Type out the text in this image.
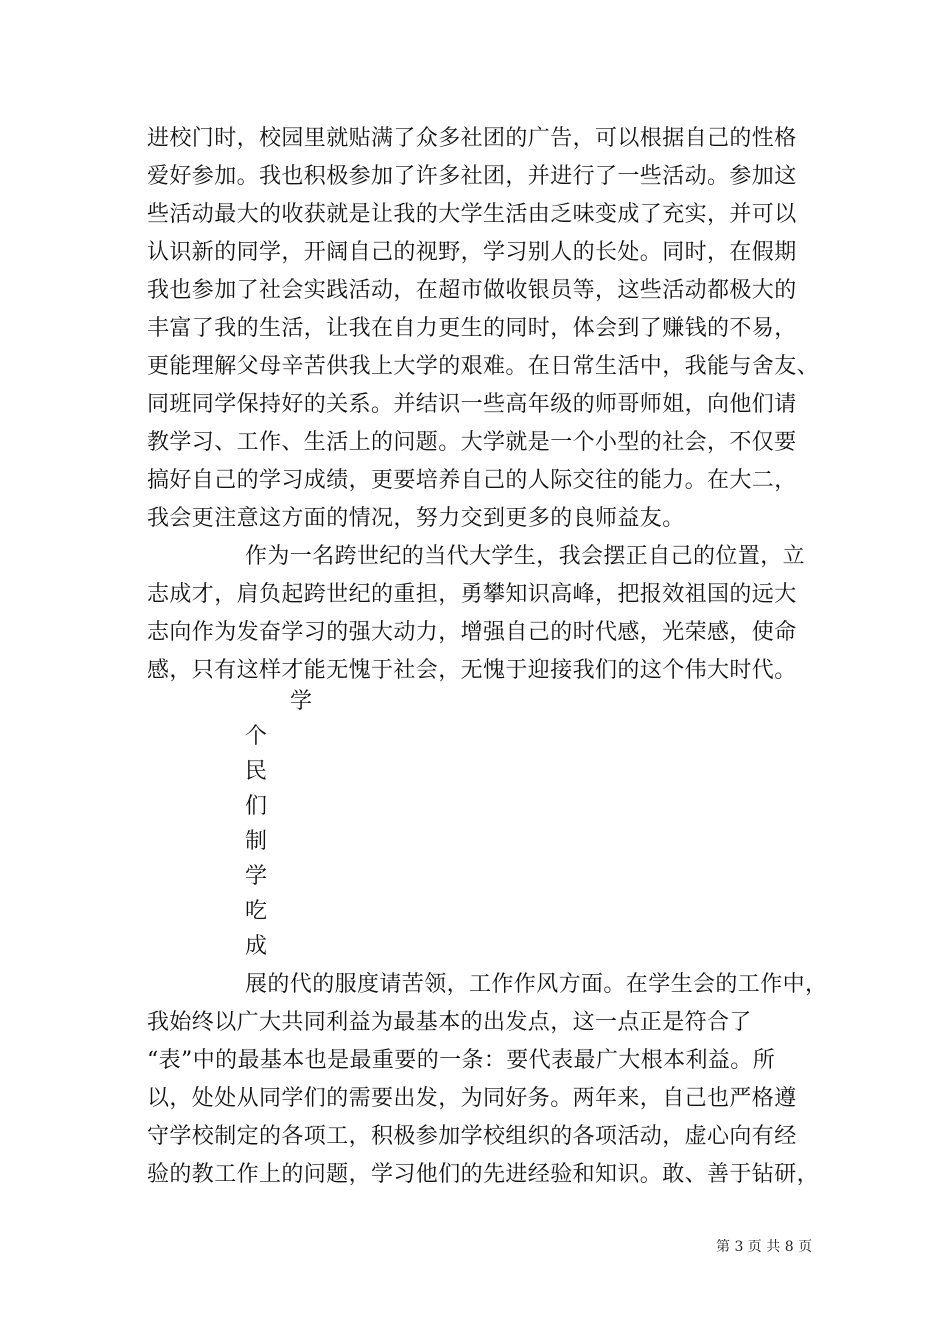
进校门时，校园里就贴满了众多社团的广告，可以根据自己的性格
爱好参加。我也积极参加了许多社团，并进行了一些活动。参加这
些活动最大的收获就是让我的大学生活由乏味变成了充实，并可以
认识新的同学，开阔自己的视野，学习别人的长处。同时，在假期
我也参加了社会实践活动，在超市做收银员等，这些活动都极大的
丰富了我的生活，让我在自力更生的同时，体会到了赚钱的不易，
更能理解父母辛苦供我上大学的艰难。在日常生活中，我能与舍友、
同班同学保持好的关系。并结识一些高年级的师哥师姐，向他们请
教学习、工作、生活上的问题。大学就是一个小型的社会，不仅要
搞好自己的学习成绩，更要培养自己的人际交往的能力。在大二，
我会更注意这方面的情况，努力交到更多的良师益友。
作为一名跨世纪的当代大学生，我会摆正自己的位置，立
志成才，肩负起跨世纪的重担，勇攀知识高峰，把报效祖国的远大
志向作为发奋学习的强大动力，增强自己的时代感，光荣感，使命
感，只有这样才能无愧于社会，无愧于迎接我们的这个伟大时代。
学
个
民
们
制
学
吃
成
展的代的服度请苦领，工作作风方面。在学生会的工作中，
我始终以广大共同利益为最基本的出发点，这一点正是符合了
“表”中的最基本也是最重要的一条：要代表最广大根本利益。所
以，处处从同学们的需要出发，为同好务。两年来，自己也严格遵
守学校制定的各项工，积极参加学校组织的各项活动，虚心向有经
验的教工作上的问题，学习他们的先进经验和知识。敢、善于钻研，
第 3 页 共 8 页
